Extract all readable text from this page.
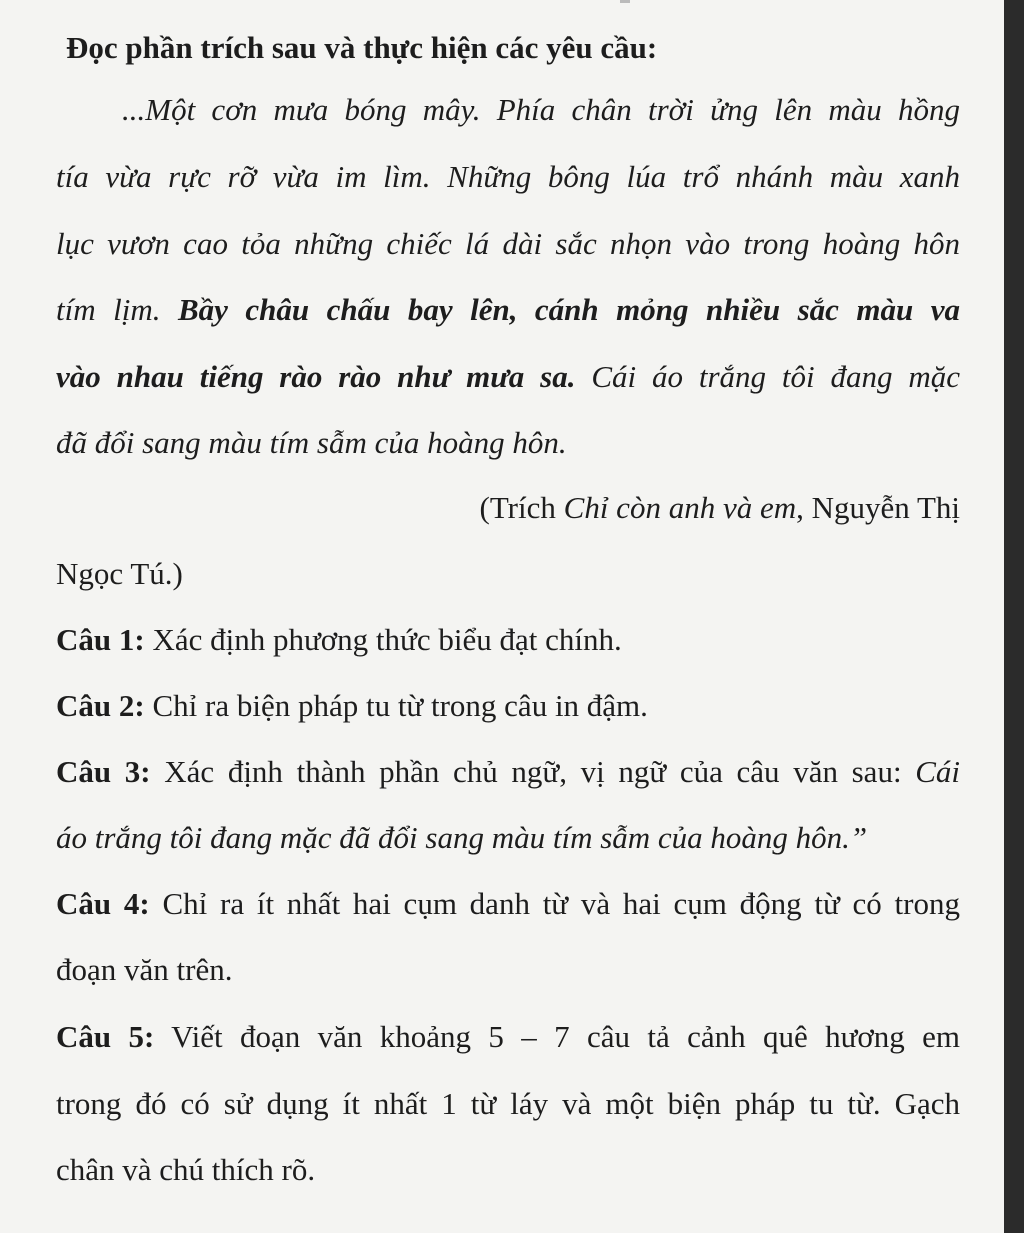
Đọc phần trích sau và thực hiện các yêu cầu:
...Một cơn mưa bóng mây. Phía chân trời ửng lên màu hồng
tía vừa rực rỡ vừa im lìm. Những bông lúa trổ nhánh màu xanh
lục vươn cao tỏa những chiếc lá dài sắc nhọn vào trong hoàng hôn
tím lịm. Bầy châu chấu bay lên, cánh mỏng nhiều sắc màu va
vào nhau tiếng rào rào như mưa sa. Cái áo trắng tôi đang mặc
đã đổi sang màu tím sẫm của hoàng hôn.
(Trích Chỉ còn anh và em, Nguyễn Thị
Ngọc Tú.)
Câu 1: Xác định phương thức biểu đạt chính.
Câu 2: Chỉ ra biện pháp tu từ trong câu in đậm.
Câu 3: Xác định thành phần chủ ngữ, vị ngữ của câu văn sau: Cái
áo trắng tôi đang mặc đã đổi sang màu tím sẫm của hoàng hôn.”
Câu 4: Chỉ ra ít nhất hai cụm danh từ và hai cụm động từ có trong
đoạn văn trên.
Câu 5: Viết đoạn văn khoảng 5 – 7 câu tả cảnh quê hương em
trong đó có sử dụng ít nhất 1 từ láy và một biện pháp tu từ. Gạch
chân và chú thích rõ.
